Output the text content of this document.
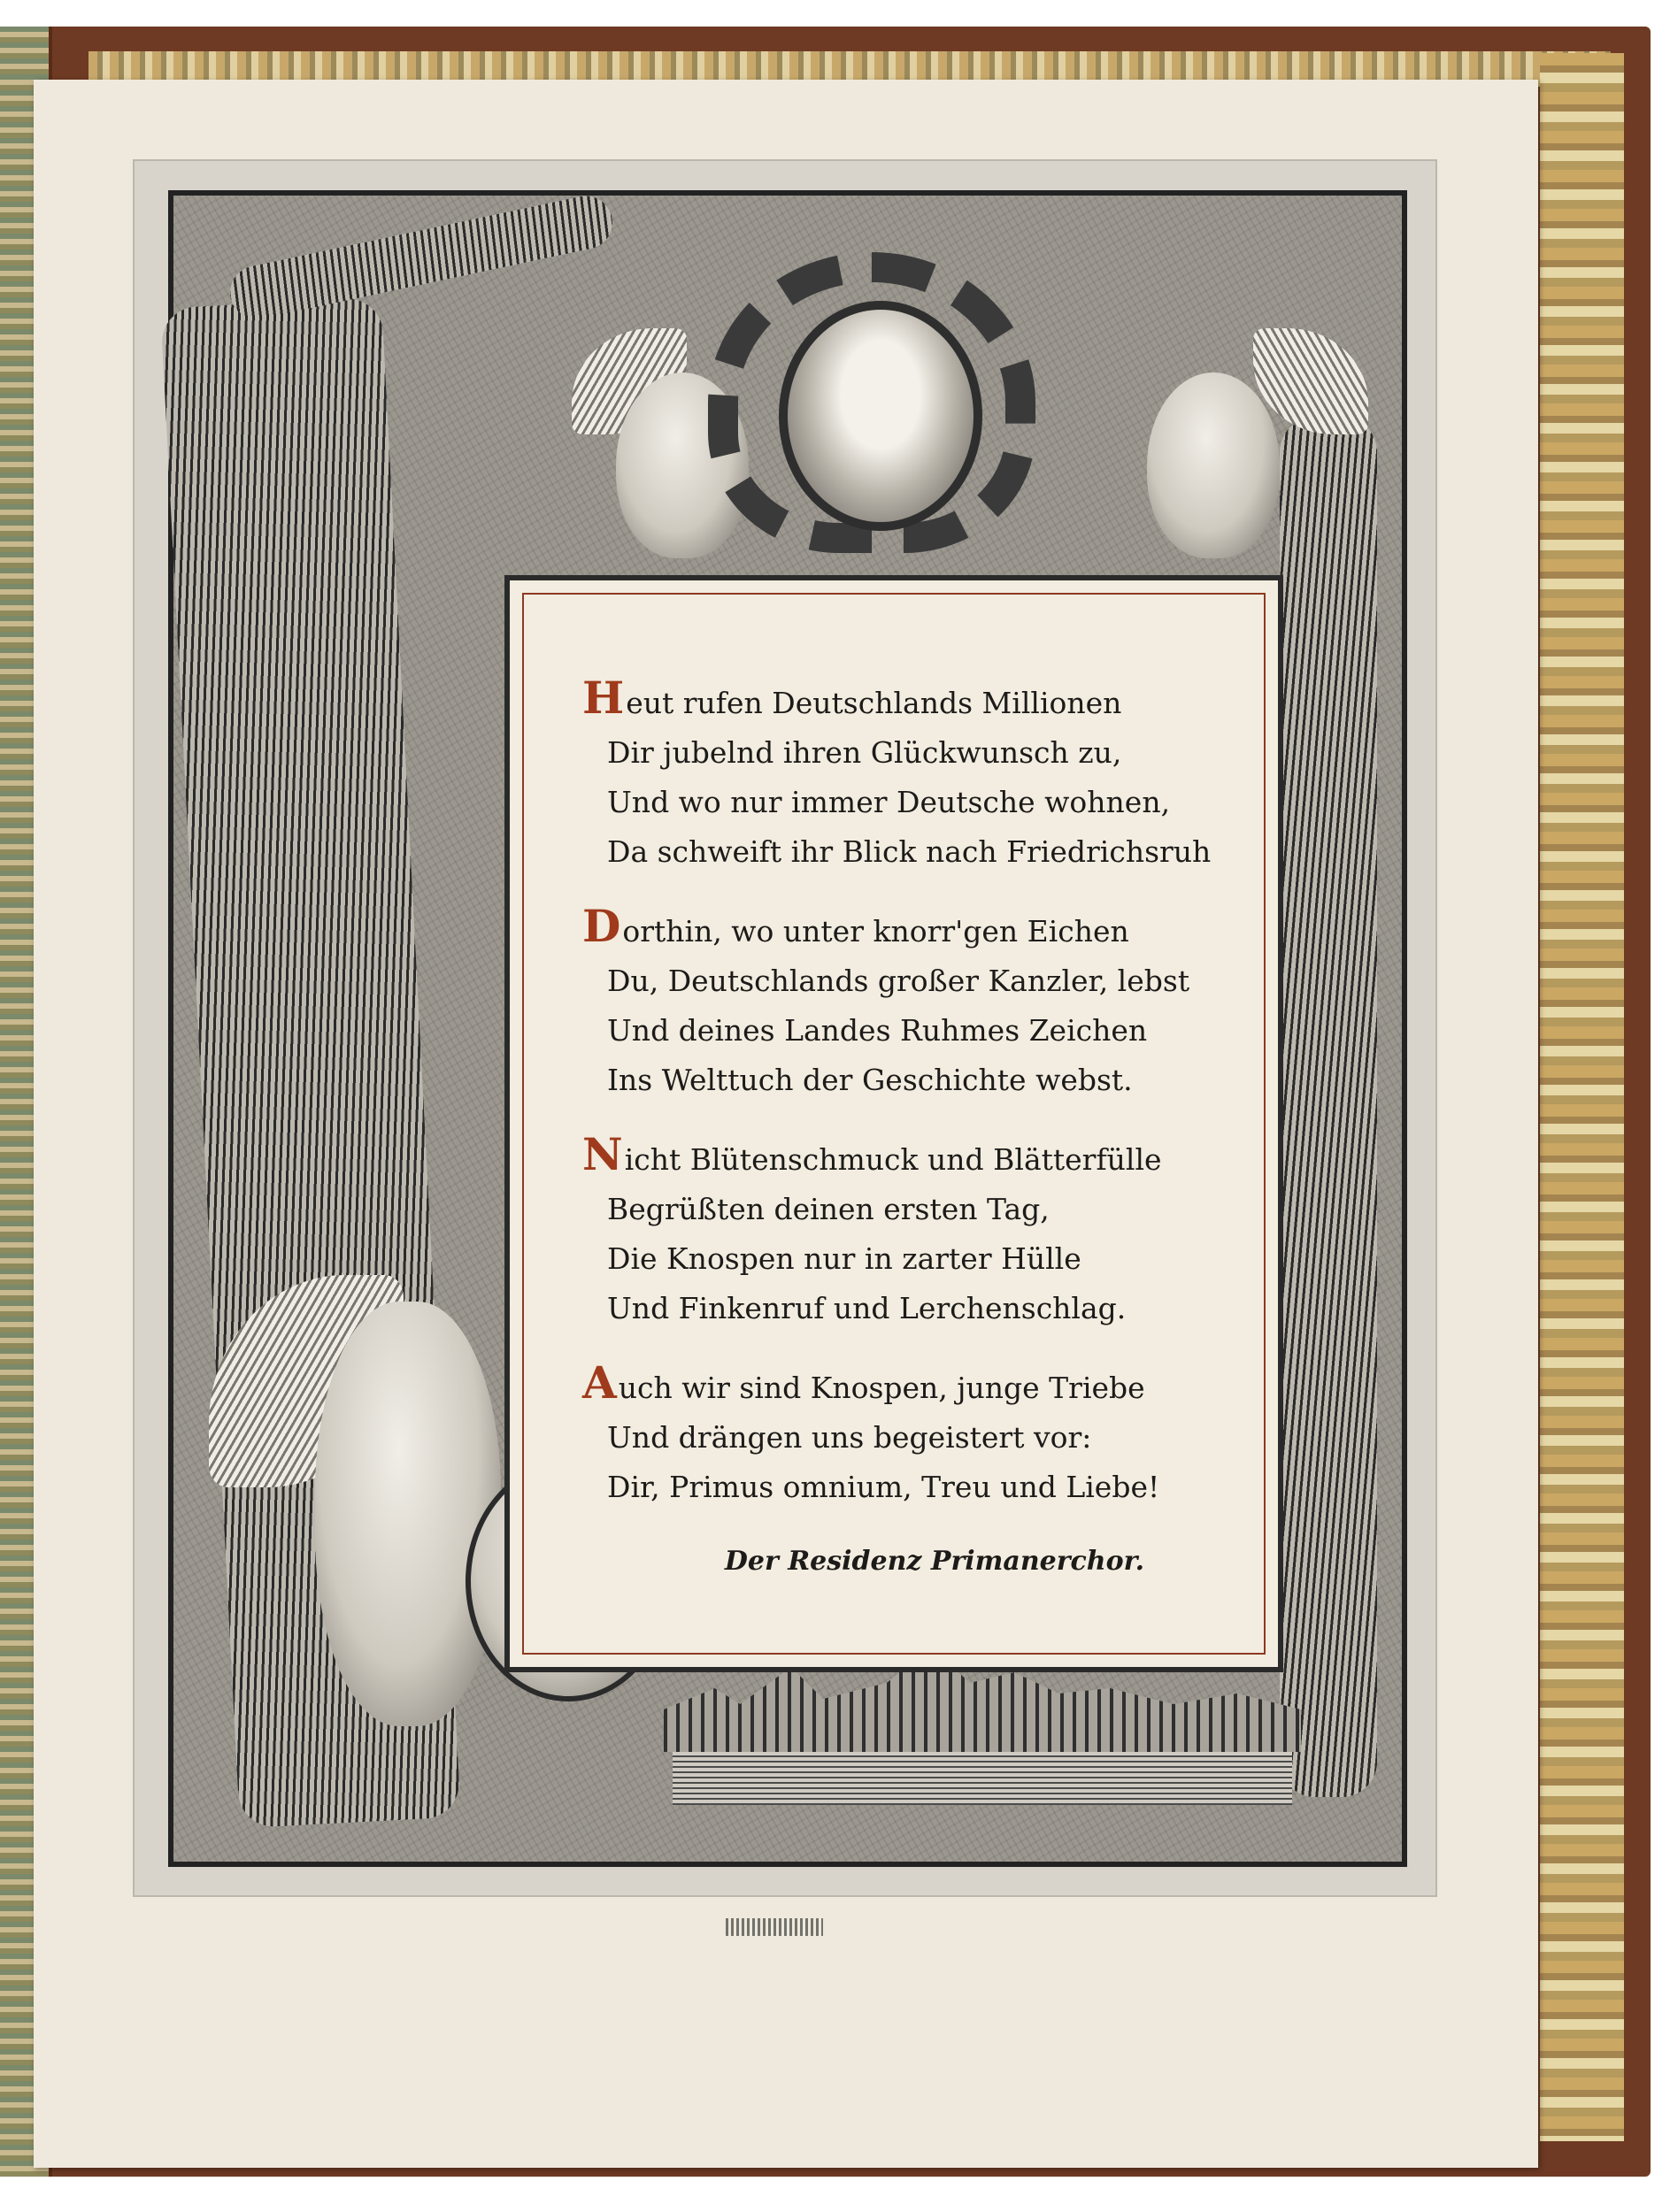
Heut rufen Deutschlands Millionen
Dir jubelnd ihren Glückwunsch zu,
Und wo nur immer Deutsche wohnen,
Da schweift ihr Blick nach Friedrichsruh
Dorthin, wo unter knorr'gen Eichen
Du, Deutschlands großer Kanzler, lebst
Und deines Landes Ruhmes Zeichen
Ins Welttuch der Geschichte webst.
Nicht Blütenschmuck und Blätterfülle
Begrüßten deinen ersten Tag,
Die Knospen nur in zarter Hülle
Und Finkenruf und Lerchenschlag.
Auch wir sind Knospen, junge Triebe
Und drängen uns begeistert vor:
Dir, Primus omnium, Treu und Liebe!
Der Residenz Primanerchor.
